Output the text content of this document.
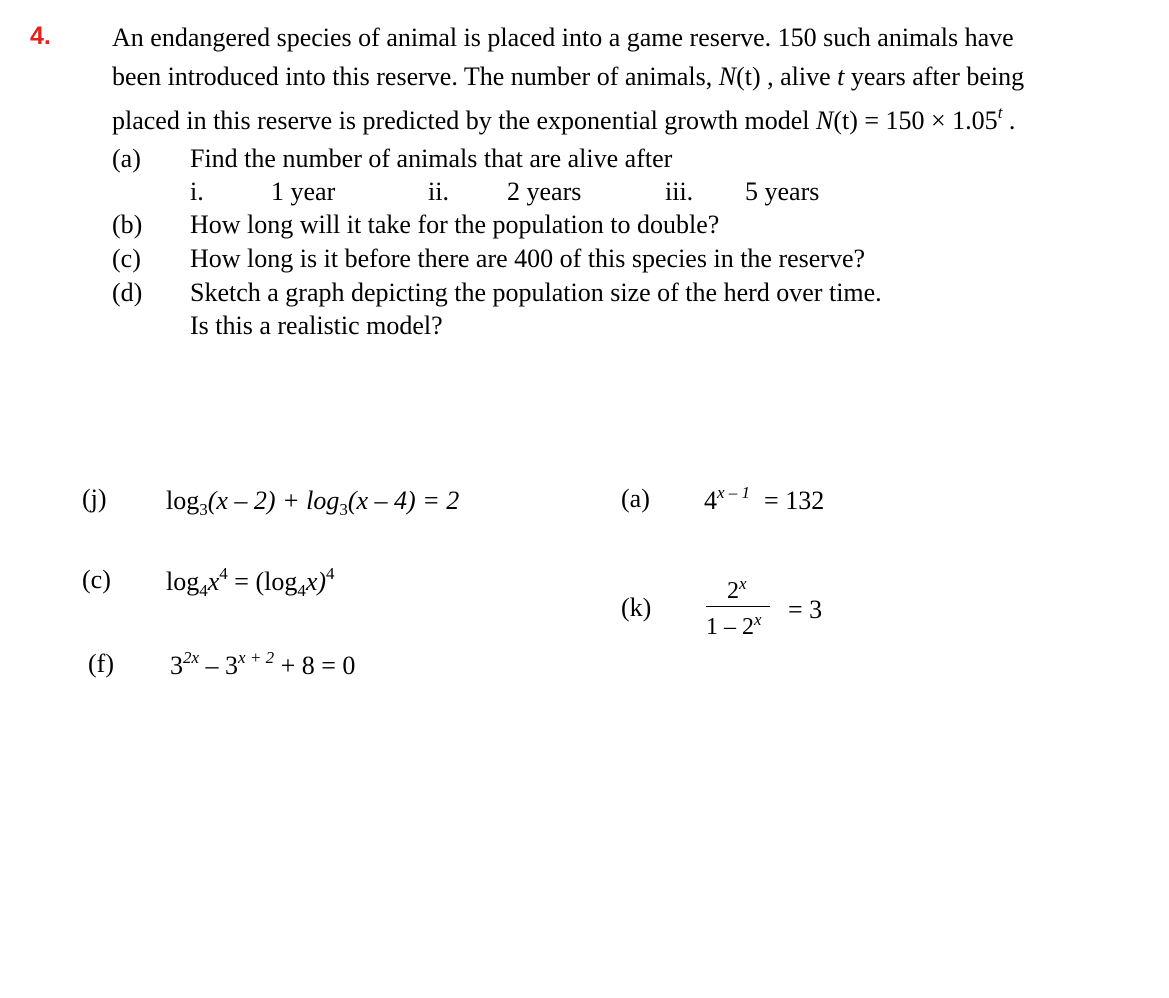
4. An endangered species of animal is placed into a game reserve. 150 such animals have
been introduced into this reserve. The number of animals, N(t) , alive t years after being
placed in this reserve is predicted by the exponential growth model $N(t) = 150 \times 1.05^t$ .
(a) Find the number of animals that are alive after
i.	1 year	ii. 2 years	iii. 5 years
(b) How long will it take for the population to double?
(c) How long is it before there are 400 of this species in the reserve?
(d) Sketch a graph depicting the population size of the herd over time.
Is this a realistic model?
(j) $\log_3(x - 2) + \log_3(x - 4) = 2$	(a) $4^{x - 1} = 132$
(c) $\log_4x^4 = (\log_4x)^4$
(k)
2$^x$
$1 - 2^x = 3$
(f) $3^{2x} - 3^{x + 2} + 8 = 0$
